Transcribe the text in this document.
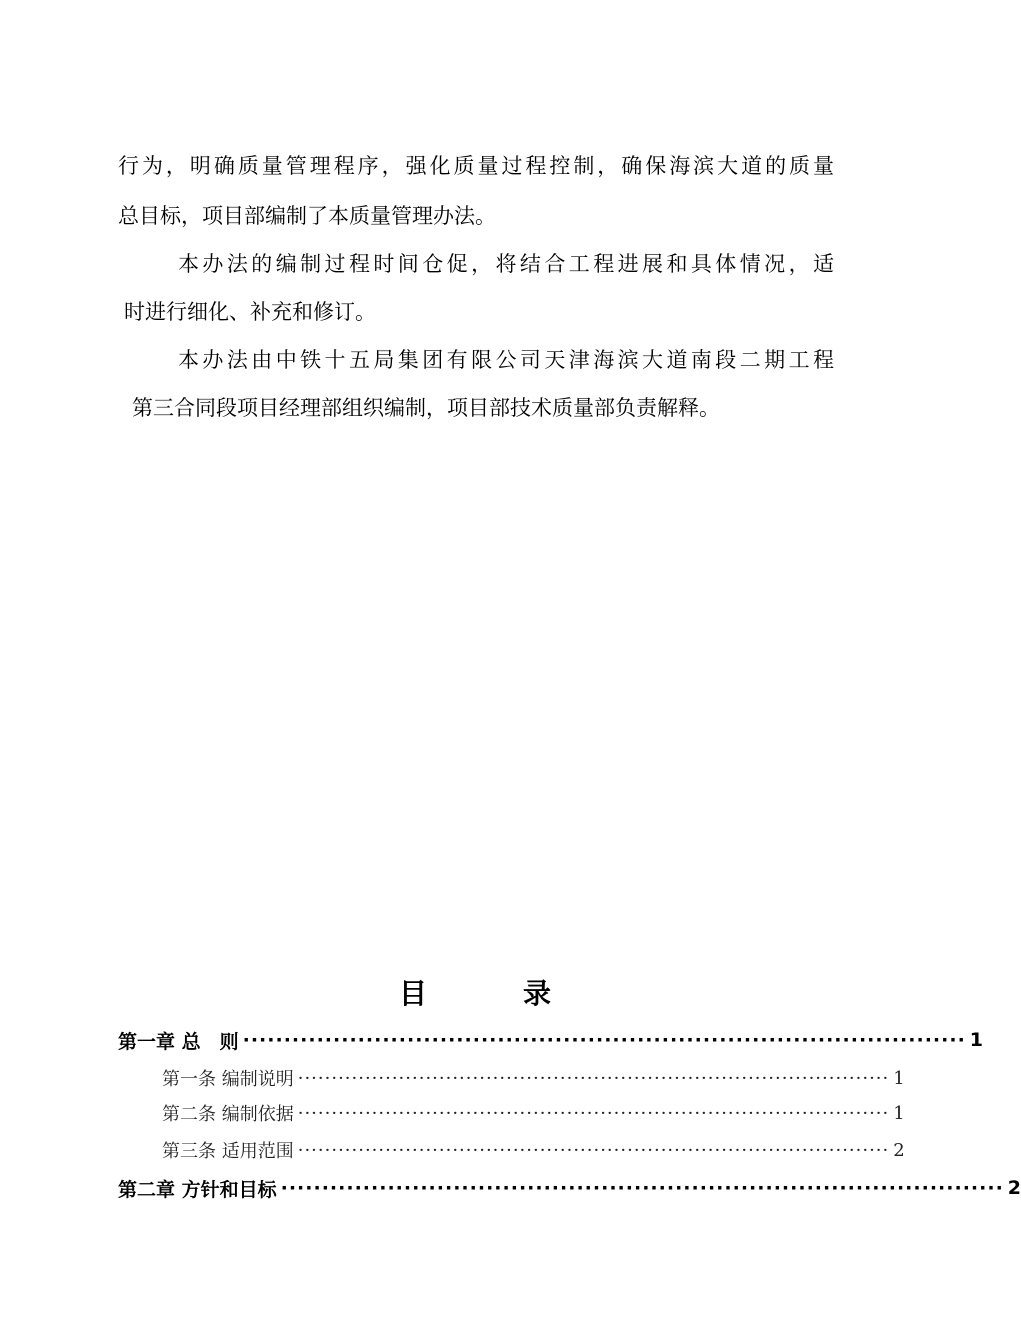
行为，明确质量管理程序，强化质量过程控制，确保海滨大道的质量
总目标，项目部编制了本质量管理办法。
本办法的编制过程时间仓促，将结合工程进展和具体情况，适
时进行细化、补充和修订。
本办法由中铁十五局集团有限公司天津海滨大道南段二期工程
第三合同段项目经理部组织编制，项目部技术质量部负责解释。
目录
第一章 总　则 ························································································ 1
第一条 编制说明 ························································································ 1
第二条 编制依据 ························································································ 1
第三条 适用范围 ························································································ 2
第二章 方针和目标 ························································································ 2
